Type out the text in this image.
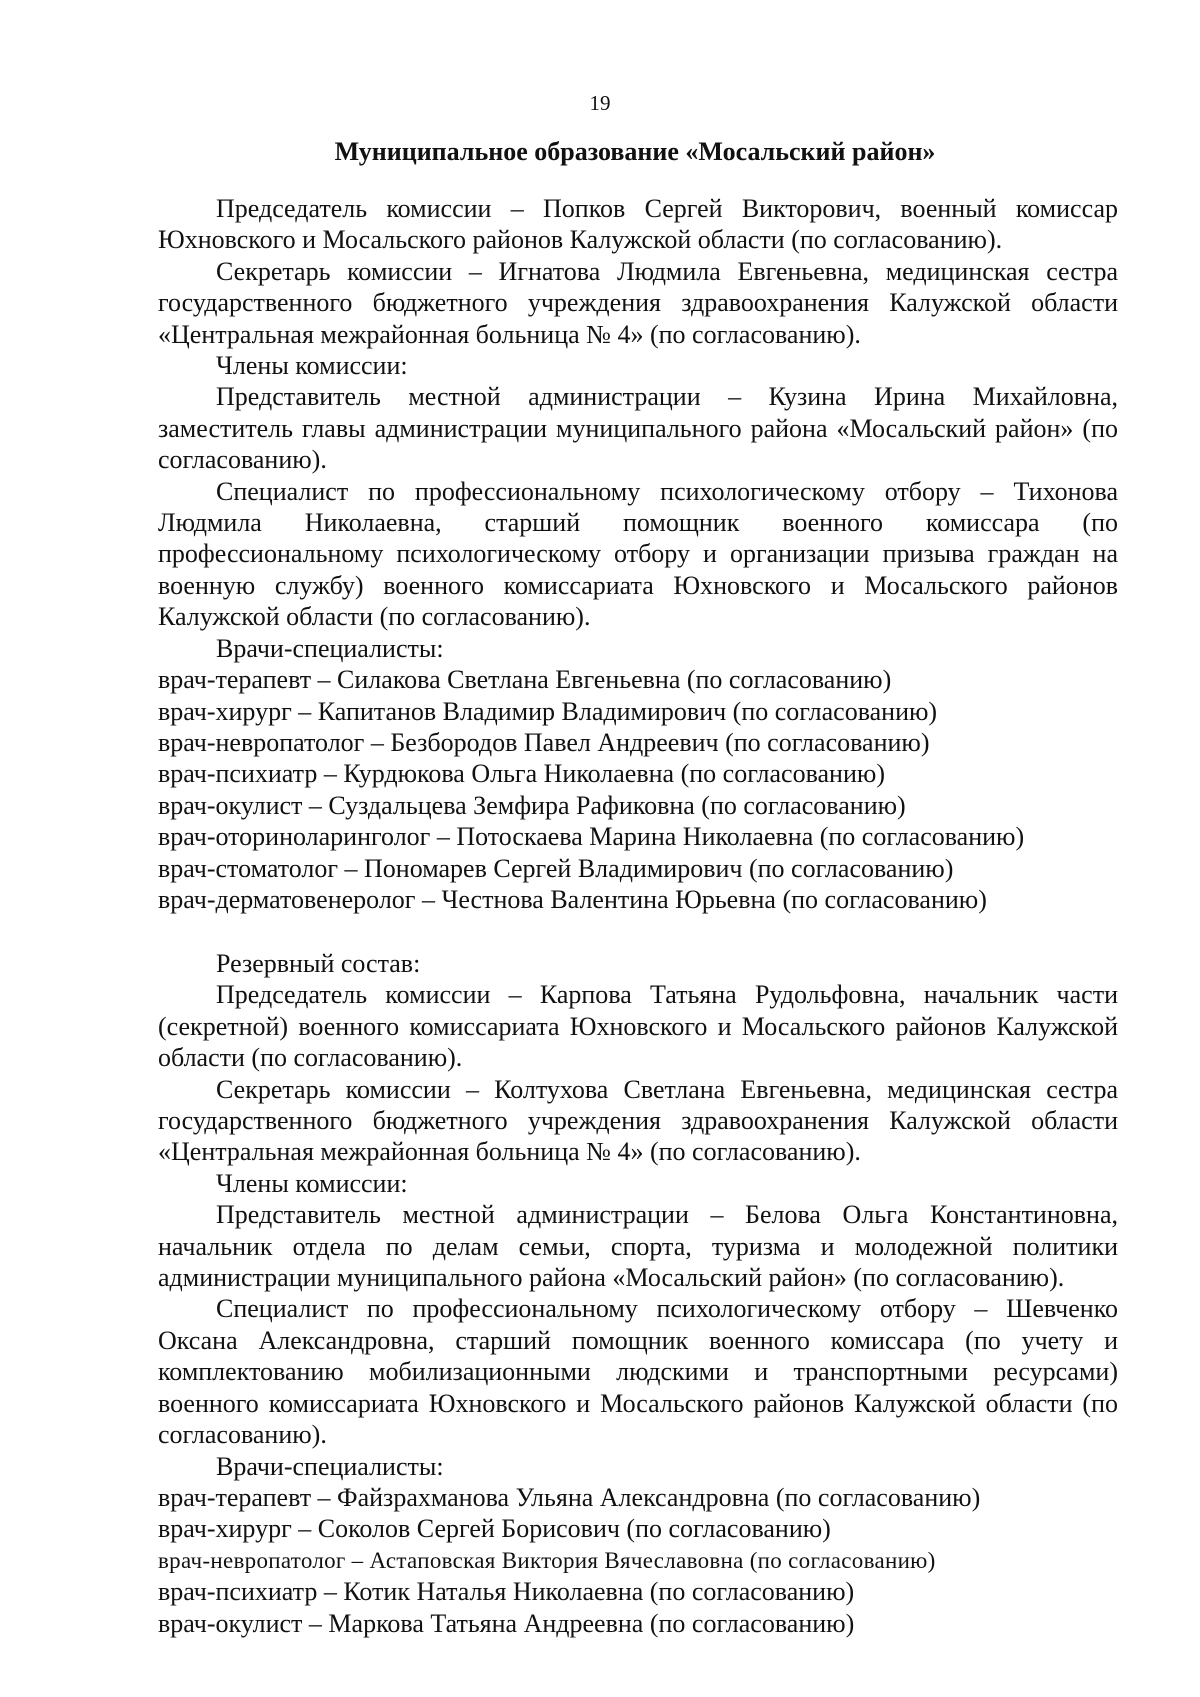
19
Муниципальное образование «Мосальский район»

Председатель комиссии – Попков Сергей Викторович, военный комиссар Юхновского и Мосальского районов Калужской области (по согласованию).

Секретарь комиссии – Игнатова Людмила Евгеньевна, медицинская сестра государственного бюджетного учреждения здравоохранения Калужской области «Центральная межрайонная больница № 4» (по согласованию).

Члены комиссии:

Представитель местной администрации – Кузина Ирина Михайловна, заместитель главы администрации муниципального района «Мосальский район» (по согласованию).

Специалист по профессиональному психологическому отбору – Тихонова Людмила Николаевна, старший помощник военного комиссара (по профессиональному психологическому отбору и организации призыва граждан на военную службу) военного комиссариата Юхновского и Мосальского районов Калужской области (по согласованию).

Врачи-специалисты:

врач-терапевт – Силакова Светлана Евгеньевна (по согласованию)

врач-хирург – Капитанов Владимир Владимирович (по согласованию)

врач-невропатолог – Безбородов Павел Андреевич (по согласованию)

врач-психиатр – Курдюкова Ольга Николаевна (по согласованию)

врач-окулист – Суздальцева Земфира Рафиковна (по согласованию)

врач-оториноларинголог – Потоскаева Марина Николаевна (по согласованию)

врач-стоматолог – Пономарев Сергей Владимирович (по согласованию)

врач-дерматовенеролог – Честнова Валентина Юрьевна (по согласованию)

Резервный состав:

Председатель комиссии – Карпова Татьяна Рудольфовна, начальник части (секретной) военного комиссариата Юхновского и Мосальского районов Калужской области (по согласованию).

Секретарь комиссии – Колтухова Светлана Евгеньевна, медицинская сестра государственного бюджетного учреждения здравоохранения Калужской области «Центральная межрайонная больница № 4» (по согласованию).

Члены комиссии:

Представитель местной администрации – Белова Ольга Константиновна, начальник отдела по делам семьи, спорта, туризма и молодежной политики администрации муниципального района «Мосальский район» (по согласованию).

Специалист по профессиональному психологическому отбору – Шевченко Оксана Александровна, старший помощник военного комиссара (по учету и комплектованию мобилизационными людскими и транспортными ресурсами) военного комиссариата Юхновского и Мосальского районов Калужской области (по согласованию).

Врачи-специалисты:

врач-терапевт – Файзрахманова Ульяна Александровна (по согласованию)

врач-хирург – Соколов Сергей Борисович (по согласованию)

врач-невропатолог – Астаповская Виктория Вячеславовна (по согласованию)

врач-психиатр – Котик Наталья Николаевна (по согласованию)

врач-окулист – Маркова Татьяна Андреевна (по согласованию)
